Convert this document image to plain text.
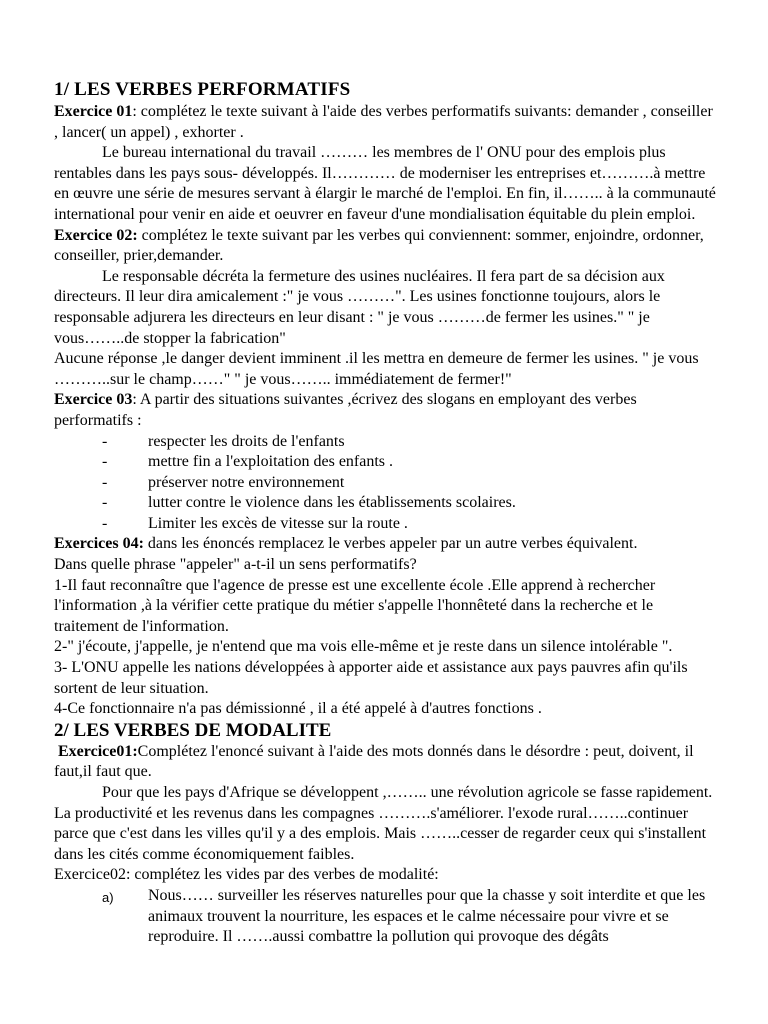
1/ LES VERBES PERFORMATIFS

Exercice 01: complétez le texte suivant à l'aide des verbes performatifs suivants: demander , conseiller , lancer( un appel) , exhorter .

Le bureau international du travail ……… les membres de l' ONU pour des emplois plus rentables dans les pays sous- développés. Il………… de moderniser les entreprises et……….à mettre en œuvre une série de mesures servant à élargir le marché de l'emploi. En fin, il…….. à la communauté international pour venir en aide et oeuvrer en faveur d'une mondialisation équitable du plein emploi.

Exercice 02: complétez le texte suivant par les verbes qui conviennent: sommer, enjoindre, ordonner, conseiller, prier,demander.

Le responsable décréta la fermeture des usines nucléaires. Il fera part de sa décision aux directeurs. Il leur dira amicalement :" je vous ………". Les usines fonctionne toujours, alors le responsable adjurera les directeurs en leur disant : " je vous ………de fermer les usines." " je vous……..de stopper la fabrication"

Aucune réponse ,le danger devient imminent .il les mettra en demeure de fermer les usines. " je vous ………..sur le champ……" " je vous…….. immédiatement de fermer!"

Exercice 03: A partir des situations suivantes ,écrivez des slogans en employant des verbes performatifs :

-	respecter les droits de l'enfants
-	mettre fin a l'exploitation des enfants .
-	préserver notre environnement
-	lutter contre le violence dans les établissements scolaires.
-	Limiter les excès de vitesse sur la route .

Exercices 04: dans les énoncés remplacez le verbes appeler par un autre verbes équivalent.

Dans quelle phrase "appeler" a-t-il un sens performatifs?

1-Il faut reconnaître que l'agence de presse est une excellente école .Elle apprend à rechercher l'information ,à la vérifier cette pratique du métier s'appelle l'honnêteté dans la recherche et le traitement de l'information.

2-" j'écoute, j'appelle, je n'entend que ma vois elle-même et je reste dans un silence intolérable ".

3- L'ONU appelle les nations développées à apporter aide et assistance aux pays pauvres afin qu'ils sortent de leur situation.

4-Ce fonctionnaire n'a pas démissionné , il a été appelé à d'autres fonctions .

2/ LES VERBES DE MODALITE

Exercice01:Complétez l'enoncé suivant à l'aide des mots donnés dans le désordre : peut, doivent, il faut,il faut que.

Pour que les pays d'Afrique se développent ,…….. une révolution agricole se fasse rapidement. La productivité et les revenus dans les compagnes ……….s'améliorer. l'exode rural……..continuer parce que c'est dans les villes qu'il y a des emplois. Mais ……..cesser de regarder ceux qui s'installent dans les cités comme économiquement faibles.

Exercice02: complétez les vides par des verbes de modalité:

a)	Nous…… surveiller les réserves naturelles pour que la chasse y soit interdite et que les animaux trouvent la nourriture, les espaces et le calme nécessaire pour vivre et se reproduire. Il …….aussi combattre la pollution qui provoque des dégâts
